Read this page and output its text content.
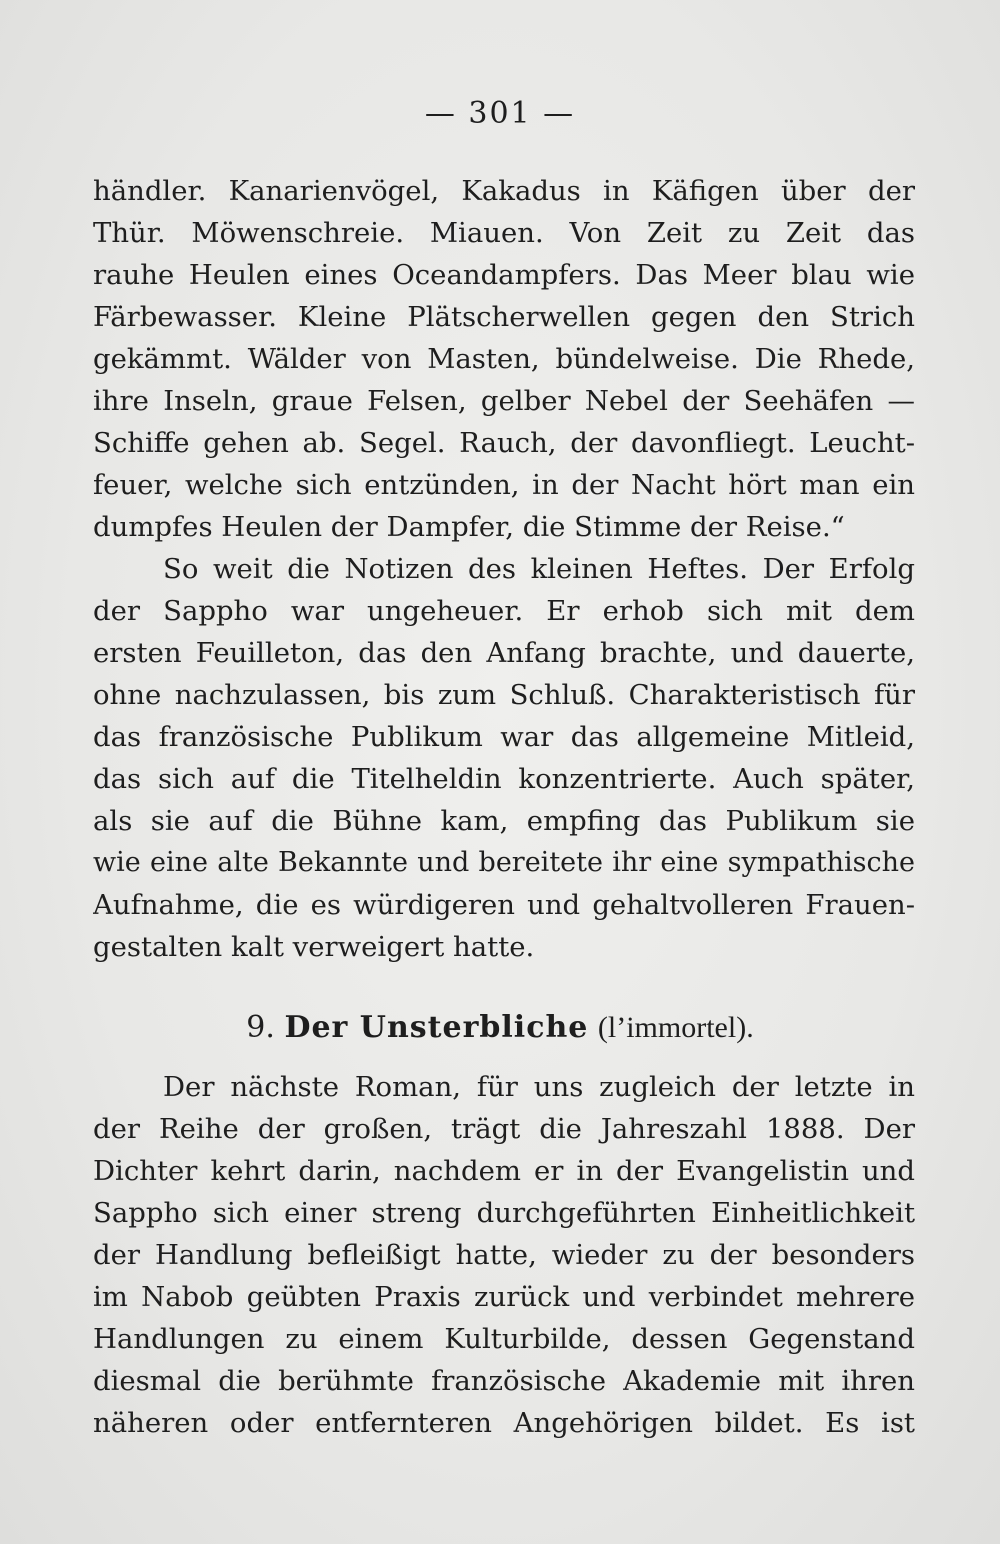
— 301 —
händler. Kanarienvögel, Kakadus in Käfigen über der
Thür. Möwenschreie. Miauen. Von Zeit zu Zeit das
rauhe Heulen eines Oceandampfers. Das Meer blau wie
Färbewasser. Kleine Plätscherwellen gegen den Strich
gekämmt. Wälder von Masten, bündelweise. Die Rhede,
ihre Inseln, graue Felsen, gelber Nebel der Seehäfen —
Schiffe gehen ab. Segel. Rauch, der davonfliegt. Leucht-
feuer, welche sich entzünden, in der Nacht hört man ein
dumpfes Heulen der Dampfer, die Stimme der Reise.“
So weit die Notizen des kleinen Heftes. Der Erfolg
der Sappho war ungeheuer. Er erhob sich mit dem
ersten Feuilleton, das den Anfang brachte, und dauerte,
ohne nachzulassen, bis zum Schluß. Charakteristisch für
das französische Publikum war das allgemeine Mitleid,
das sich auf die Titelheldin konzentrierte. Auch später,
als sie auf die Bühne kam, empfing das Publikum sie
wie eine alte Bekannte und bereitete ihr eine sympathische
Aufnahme, die es würdigeren und gehaltvolleren Frauen-
gestalten kalt verweigert hatte.
9. Der Unsterbliche (l’immortel).
Der nächste Roman, für uns zugleich der letzte in
der Reihe der großen, trägt die Jahreszahl 1888. Der
Dichter kehrt darin, nachdem er in der Evangelistin und
Sappho sich einer streng durchgeführten Einheitlichkeit
der Handlung befleißigt hatte, wieder zu der besonders
im Nabob geübten Praxis zurück und verbindet mehrere
Handlungen zu einem Kulturbilde, dessen Gegenstand
diesmal die berühmte französische Akademie mit ihren
näheren oder entfernteren Angehörigen bildet. Es ist
